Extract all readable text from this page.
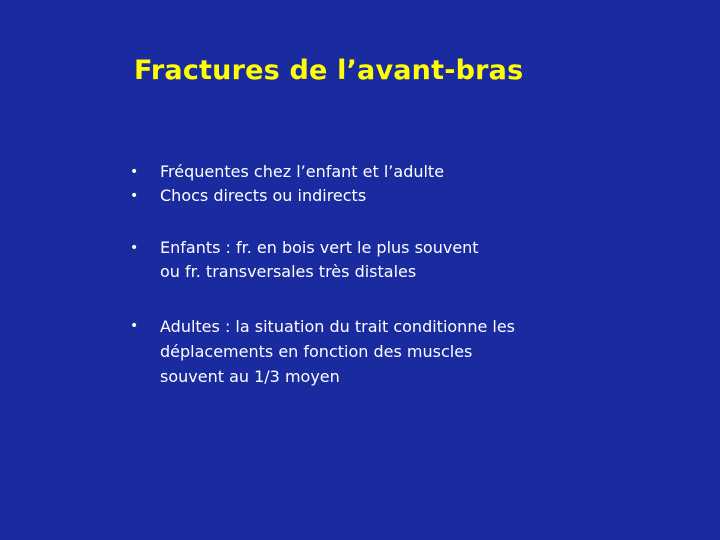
Fractures de l’avant-bras
•	Fréquentes chez l’enfant et l’adulte
•	Chocs directs ou indirects
•	Enfants : fr. en bois vert le plus souvent
ou fr. transversales très distales
•	Adultes : la situation du trait conditionne les
déplacements en fonction des muscles
souvent au 1/3 moyen
